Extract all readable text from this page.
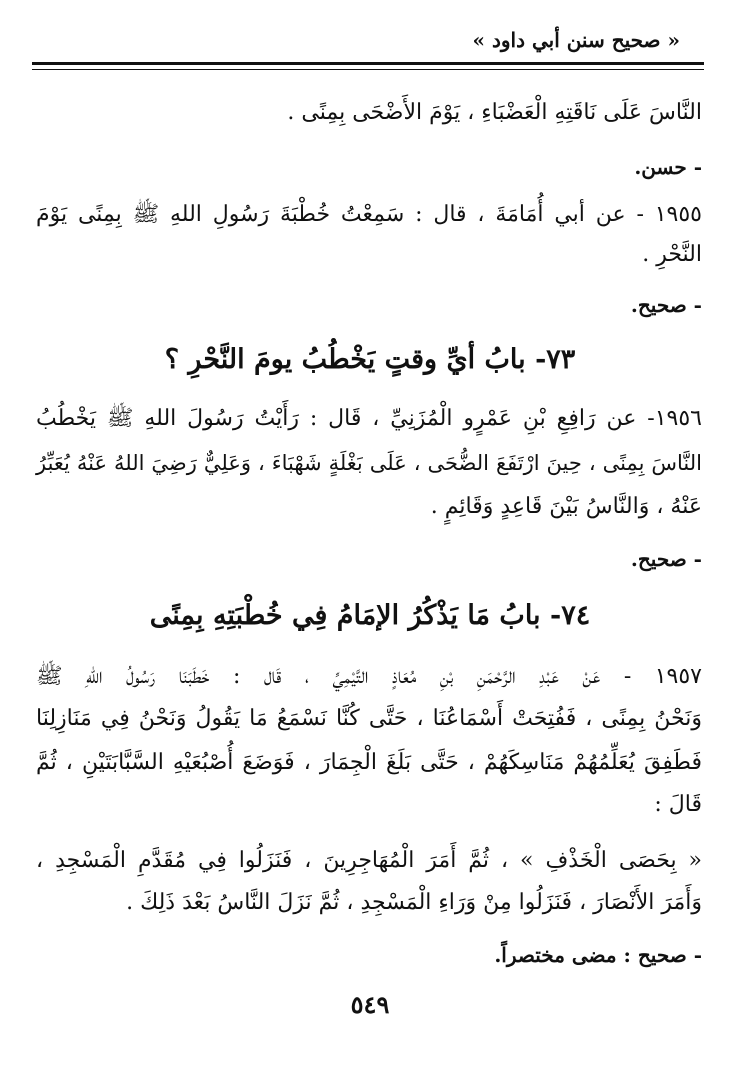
« صحيح سنن أبي داود »
النَّاسَ عَلَى نَاقَتِهِ الْعَضْبَاءِ ، يَوْمَ الأَضْحَى بِمِنًى .
- حسن.
١٩٥٥ - عن أبي أُمَامَةَ ، قال : سَمِعْتُ خُطْبَةَ رَسُولِ اللهِ ﷺ بِمِنًى يَوْمَ
النَّحْرِ .
- صحيح.
٧٣- بابُ أيِّ وقتٍ يَخْطُبُ يومَ النَّحْرِ ؟
١٩٥٦- عن رَافِعِ بْنِ عَمْرٍو الْمُزَنِيِّ ، قَال : رَأَيْتُ رَسُولَ اللهِ ﷺ يَخْطُبُ
النَّاسَ بِمِنًى ، حِينَ ارْتَفَعَ الضُّحَى ، عَلَى بَغْلَةٍ شَهْبَاءَ ، وَعَلِيٌّ رَضِيَ اللهُ عَنْهُ يُعَبِّرُ
عَنْهُ ، وَالنَّاسُ بَيْنَ قَاعِدٍ وَقَائِمٍ .
- صحيح.
٧٤- بابُ مَا يَذْكُرُ الإمَامُ فِي خُطْبَتِهِ بِمِنًى
١٩٥٧ - عَنْ عَبْدِ الرَّحْمَنِ بْنِ مُعَاذٍ التَّيْمِيِّ ، قَال : خَطَبَنَا رَسُولُ اللهِ ﷺ
وَنَحْنُ بِمِنًى ، فَفُتِحَتْ أَسْمَاعُنَا ، حَتَّى كُنَّا نَسْمَعُ مَا يَقُولُ وَنَحْنُ فِي مَنَازِلِنَا
فَطَفِقَ يُعَلِّمُهُمْ مَنَاسِكَهُمْ ، حَتَّى بَلَغَ الْجِمَارَ ، فَوَضَعَ أُصْبُعَيْهِ السَّبَّابَتَيْنِ ، ثُمَّ
قَالَ :
« بِحَصَى الْخَذْفِ » ، ثُمَّ أَمَرَ الْمُهَاجِرِينَ ، فَنَزَلُوا فِي مُقَدَّمِ الْمَسْجِدِ ،
وَأَمَرَ الأَنْصَارَ ، فَنَزَلُوا مِنْ وَرَاءِ الْمَسْجِدِ ، ثُمَّ نَزَلَ النَّاسُ بَعْدَ ذَلِكَ .
- صحيح : مضى مختصراً.
٥٤٩
